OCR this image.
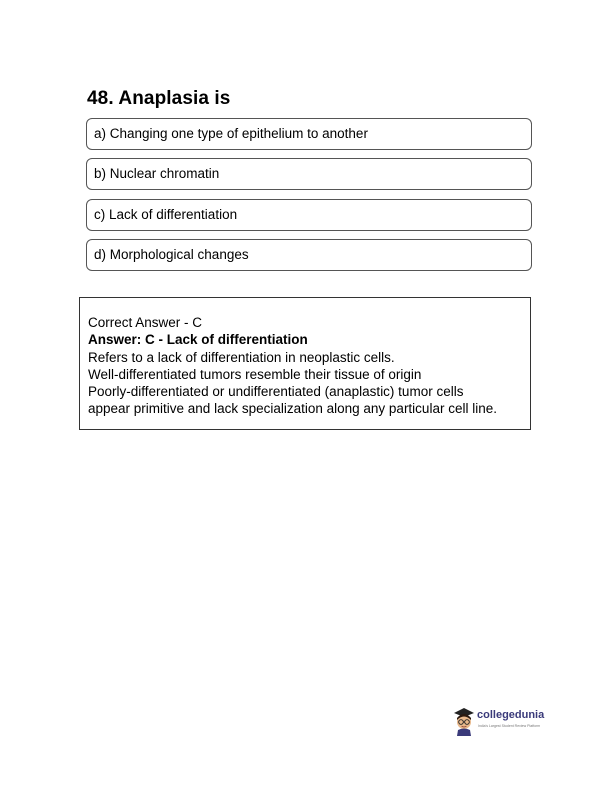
48. Anaplasia is
a) Changing one type of epithelium to another
b) Nuclear chromatin
c) Lack of differentiation
d) Morphological changes
Correct Answer - C
Answer: C - Lack of differentiation
Refers to a lack of differentiation in neoplastic cells.
Well-differentiated tumors resemble their tissue of origin
Poorly-differentiated or undifferentiated (anaplastic) tumor cells
appear primitive and lack specialization along any particular cell line.
collegedunia
India's Largest Student Review Platform
